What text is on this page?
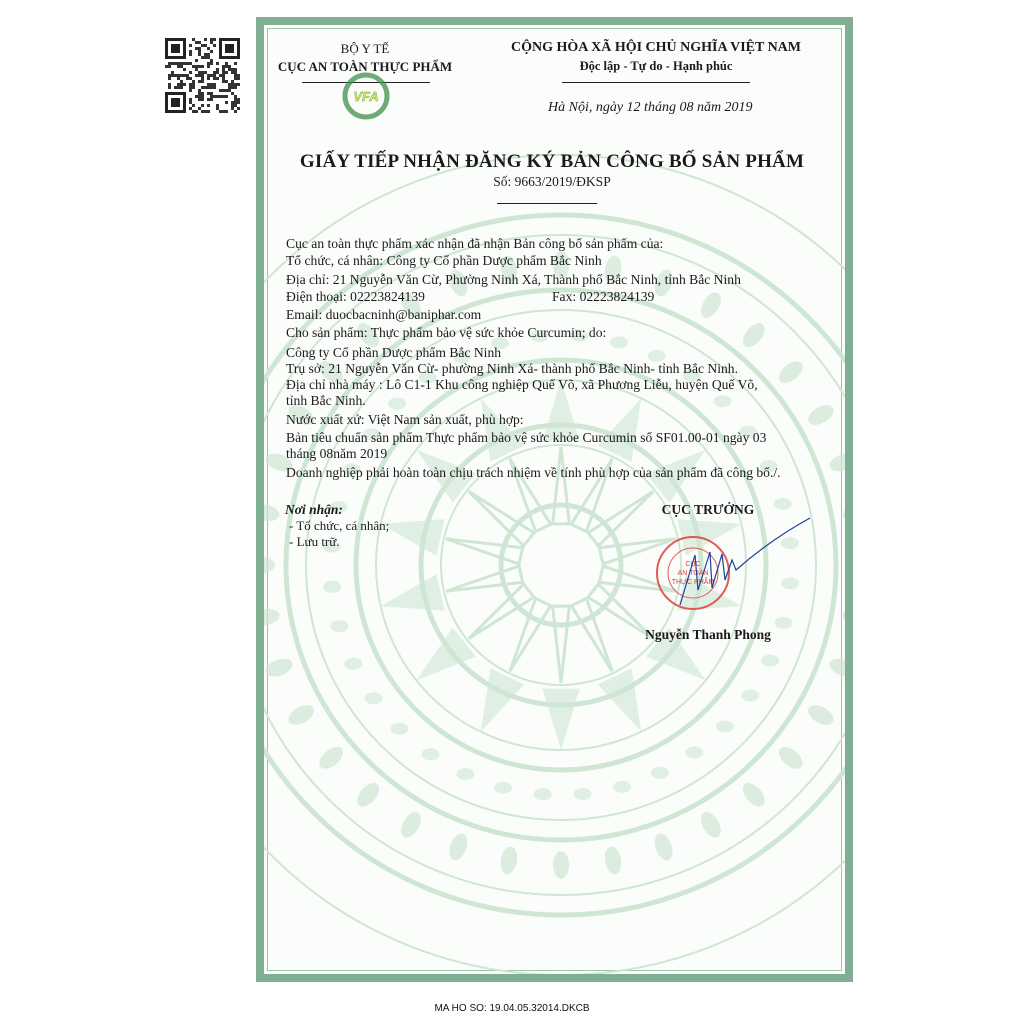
BỘ Y TẾ
CỤC AN TOÀN THỰC PHẨM
VFA
CỘNG HÒA XÃ HỘI CHỦ NGHĨA VIỆT NAM
Độc lập - Tự do - Hạnh phúc
Hà Nội, ngày 12 tháng 08 năm 2019
GIẤY TIẾP NHẬN ĐĂNG KÝ BẢN CÔNG BỐ SẢN PHẨM
Số: 9663/2019/ĐKSP
Cục an toàn thực phẩm xác nhận đã nhận Bản công bố sản phẩm của:
Tổ chức, cá nhân: Công ty Cổ phần Dược phẩm Bắc Ninh
Địa chỉ: 21 Nguyễn Văn Cừ, Phường Ninh Xá, Thành phố Bắc Ninh, tỉnh Bắc Ninh
Điện thoại: 02223824139	Fax: 02223824139
Email: duocbacninh@baniphar.com
Cho sản phẩm: Thực phẩm bảo vệ sức khỏe Curcumin; do:
Công ty Cổ phần Dược phẩm Bắc Ninh
Trụ sở: 21 Nguyễn Văn Cừ- phường Ninh Xá- thành phố Bắc Ninh- tỉnh Bắc Ninh.
Địa chỉ nhà máy : Lô C1-1 Khu công nghiệp Quế Võ, xã Phương Liễu, huyện Quế Võ,
tỉnh Bắc Ninh.
Nước xuất xứ: Việt Nam sản xuất, phù hợp:
Bản tiêu chuẩn sản phẩm Thực phẩm bảo vệ sức khỏe Curcumin số SF01.00-01 ngày 03
tháng 08năm 2019
Doanh nghiệp phải hoàn toàn chịu trách nhiệm về tính phù hợp của sản phẩm đã công bố./.
Nơi nhận:
- Tổ chức, cá nhân;
- Lưu trữ.
CỤC TRƯỞNG
CỤC
AN TOÀN
THỰC PHẨM
Nguyễn Thanh Phong
MA HO SO: 19.04.05.32014.DKCB
